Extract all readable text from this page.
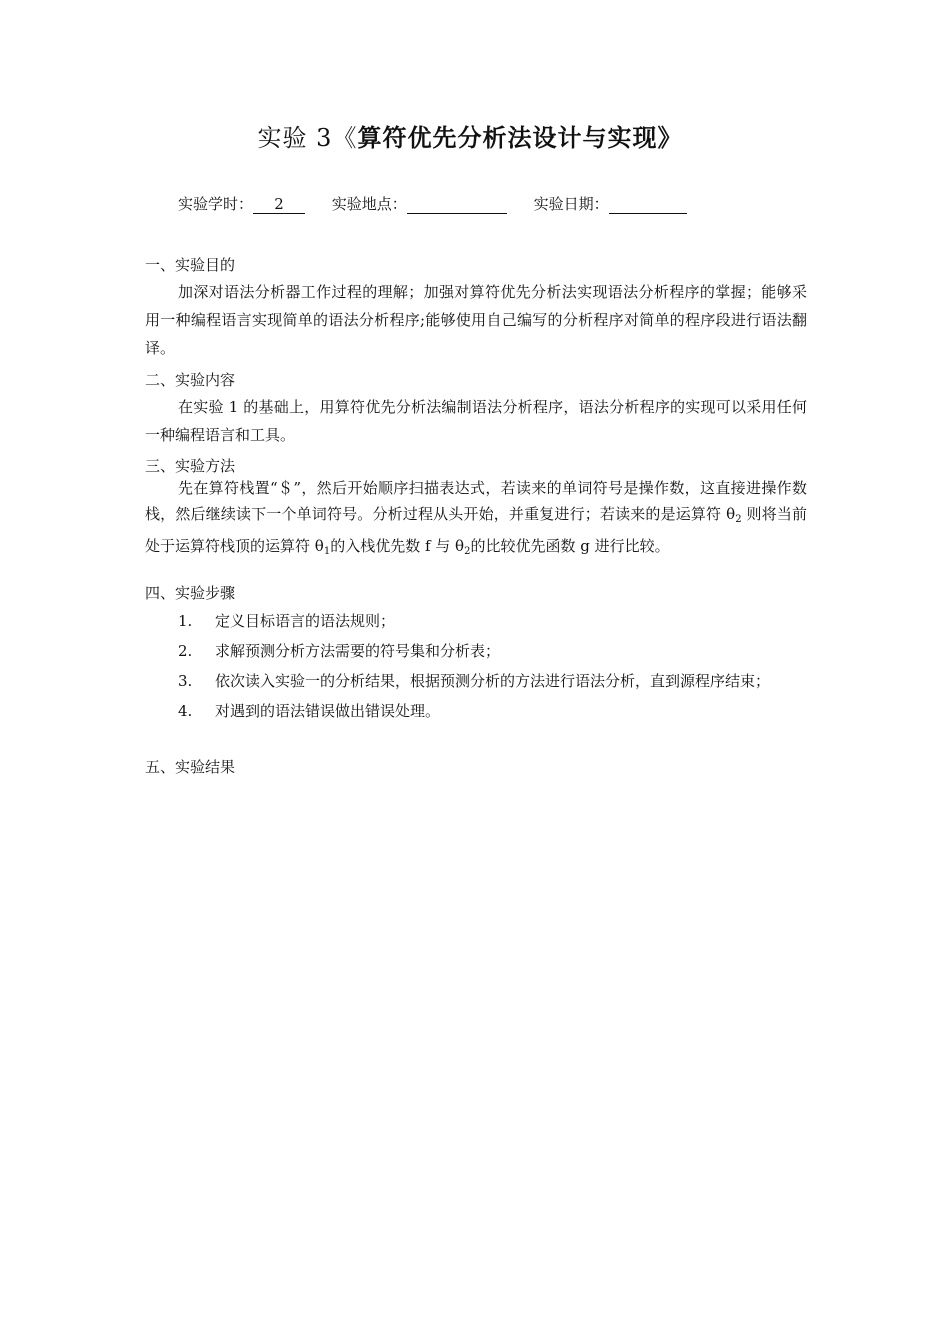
实验 3《算符优先分析法设计与实现》
实验学时： 2	实验地点：	实验日期：
一、实验目的
加深对语法分析器工作过程的理解；加强对算符优先分析法实现语法分析程序的掌握；能够采用一种编程语言实现简单的语法分析程序;能够使用自己编写的分析程序对简单的程序段进行语法翻译。
二、实验内容
在实验 1 的基础上，用算符优先分析法编制语法分析程序，语法分析程序的实现可以采用任何一种编程语言和工具。
三、实验方法
先在算符栈置“＄”，然后开始顺序扫描表达式，若读来的单词符号是操作数，这直接进操作数栈，然后继续读下一个单词符号。分析过程从头开始，并重复进行；若读来的是运算符 $\theta_2$ 则将当前处于运算符栈顶的运算符 $\theta_1$的入栈优先数 f 与 $\theta_2$的比较优先函数 g 进行比较。
四、实验步骤
1. 定义目标语言的语法规则；
2. 求解预测分析方法需要的符号集和分析表；
3. 依次读入实验一的分析结果，根据预测分析的方法进行语法分析，直到源程序结束；
4. 对遇到的语法错误做出错误处理。
五、实验结果
